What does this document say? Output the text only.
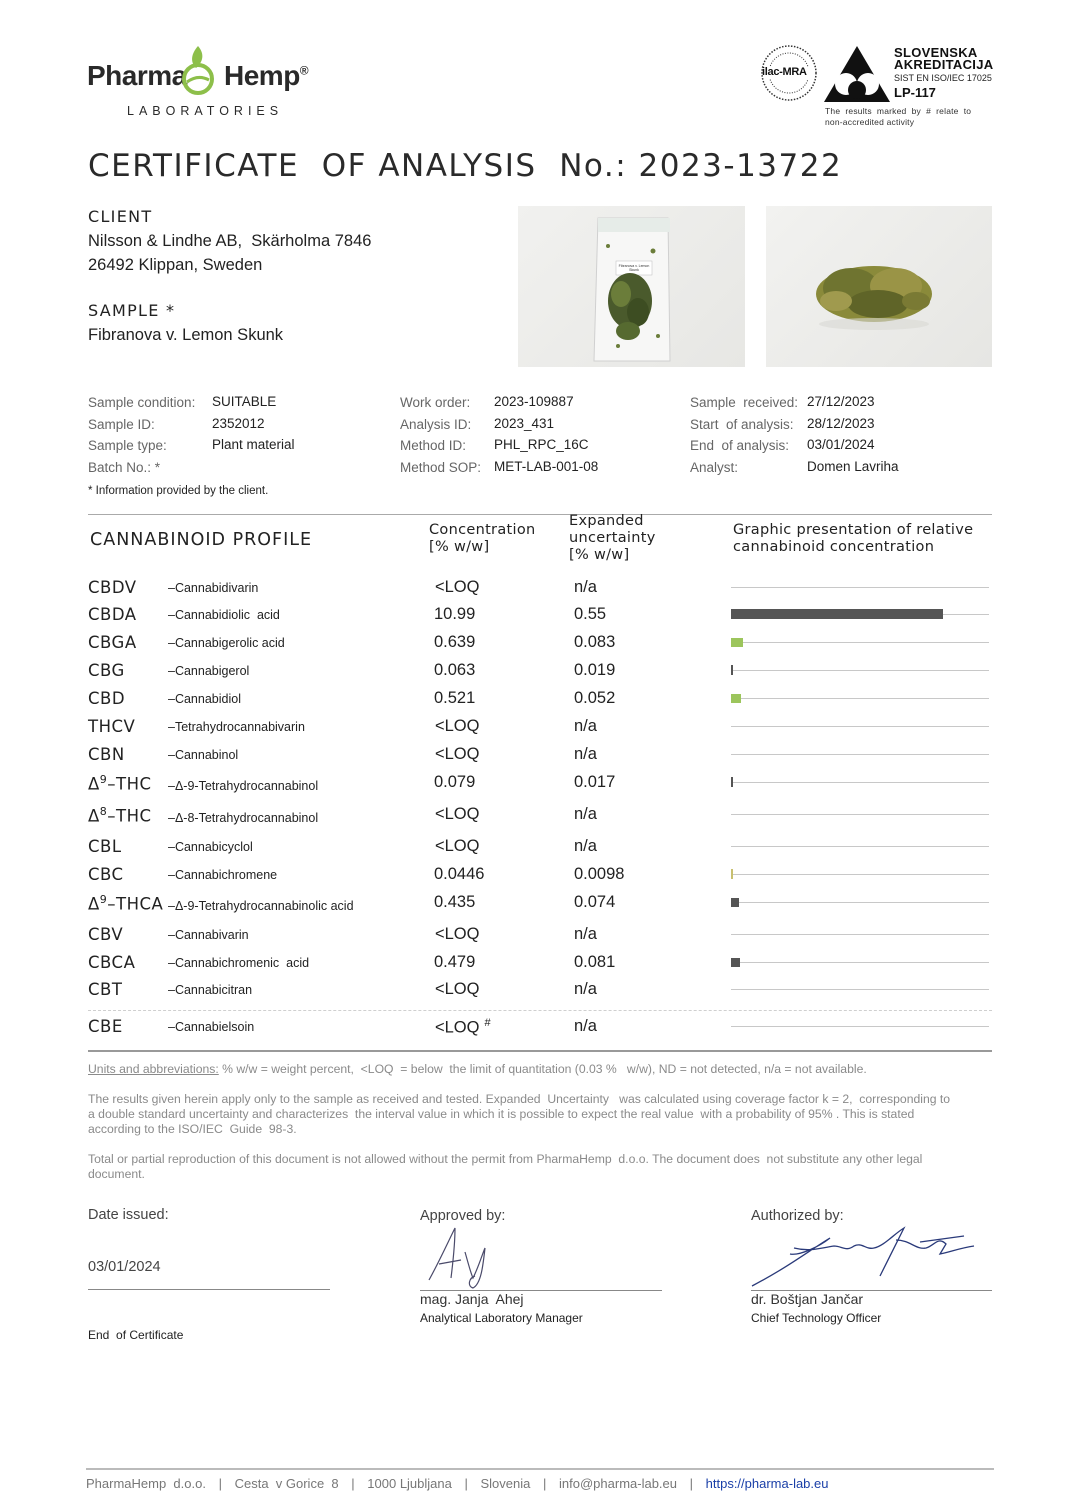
Pharma Hemp®
LABORATORIES
ilac-MRA
SLOVENSKA
AKREDITACIJA
SIST EN ISO/IEC 17025
LP-117
The  results  marked  by  #  relate  to
non-accredited activity
CERTIFICATE  OF ANALYSIS  No.: 2023-13722
CLIENT
Nilsson & Lindhe AB,  Skärholma 7846
26492 Klippan, Sweden
SAMPLE *
Fibranova v. Lemon Skunk
Fibranova v. Lemon Skunk
Sample condition: SUITABLE
Sample ID:	2352012
Sample type:	Plant material
Batch No.: *
Work order: 2023-109887
Analysis ID: 2023_431
Method ID: PHL_RPC_16C
Method SOP: MET-LAB-001-08
Sample  received: 27/12/2023
Start  of analysis: 28/12/2023
End  of analysis: 03/01/2024
Analyst:	Domen Lavriha
* Information provided by the client.
CANNABINOID PROFILE	Concentration
[% w/w]
Expanded
uncertainty
[% w/w]
Graphic presentation of relative
cannabinoid concentration
CBDV	–Cannabidivarin	<LOQ	n/a
CBDA	–Cannabidiolic  acid	10.99	0.55
CBGA	–Cannabigerolic acid	0.639	0.083
CBG	–Cannabigerol	0.063	0.019
CBD	–Cannabidiol	0.521	0.052
THCV	–Tetrahydrocannabivarin	<LOQ	n/a
CBN	–Cannabinol	<LOQ	n/a
$\Delta^9$–THC –Δ-9-Tetrahydrocannabinol	0.079	0.017
$\Delta^8$–THC –Δ-8-Tetrahydrocannabinol	<LOQ	n/a
CBL	–Cannabicyclol	<LOQ	n/a
CBC	–Cannabichromene	0.0446	0.0098
$\Delta^9$–THCA –Δ-9-Tetrahydrocannabinolic acid	0.435	0.074
CBV	–Cannabivarin	<LOQ	n/a
CBCA	–Cannabichromenic  acid	0.479	0.081
CBT	–Cannabicitran	<LOQ	n/a
CBE	–Cannabielsoin	<LOQ #	n/a
Units and abbreviations: % w/w = weight percent,  <LOQ  = below  the limit of quantitation (0.03 %   w/w), ND = not detected, n/a = not available.
The results given herein apply only to the sample as received and tested. Expanded  Uncertainty   was calculated using coverage factor k = 2,  corresponding to
a double standard uncertainty and characterizes  the interval value in which it is possible to expect the real value  with a probability of 95% . This is stated
according to the ISO/IEC  Guide  98-3.
Total or partial reproduction of this document is not allowed without the permit from PharmaHemp  d.o.o. The document does  not substitute any other legal
document.
Date issued:
03/01/2024
Approved by:
mag. Janja  Ahej
Analytical Laboratory Manager
Authorized by:
dr. Boštjan Jančar
Chief Technology Officer
End  of Certificate
PharmaHemp  d.o.o. | Cesta  v Gorice  8 | 1000 Ljubljana | Slovenia | info@pharma-lab.eu | https://pharma-lab.eu
